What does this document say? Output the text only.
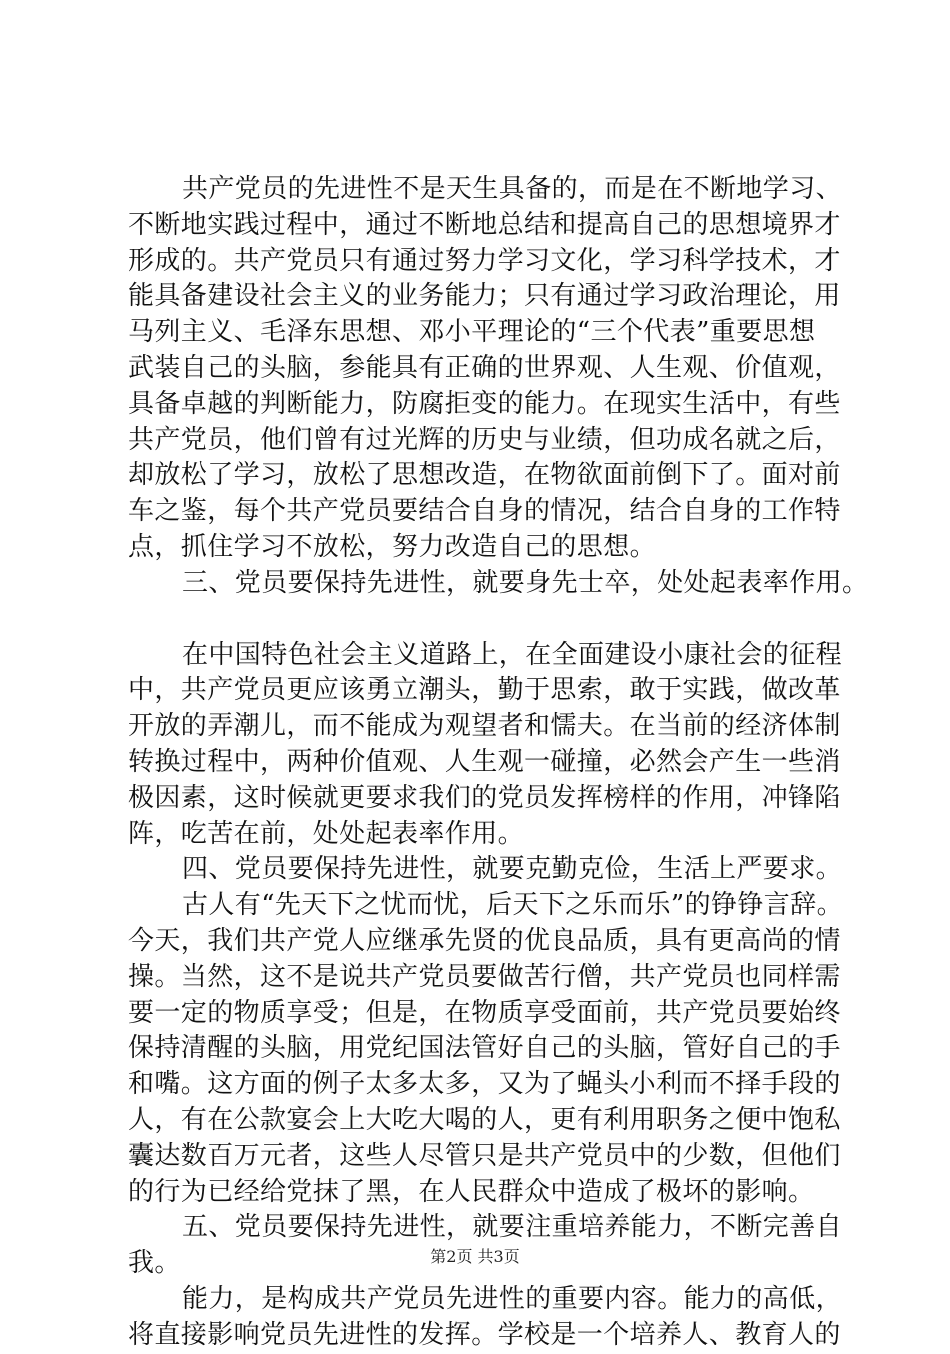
共产党员的先进性不是天生具备的，而是在不断地学习、
不断地实践过程中，通过不断地总结和提高自己的思想境界才
形成的。共产党员只有通过努力学习文化，学习科学技术，才
能具备建设社会主义的业务能力；只有通过学习政治理论，用
马列主义、毛泽东思想、邓小平理论的“三个代表”重要思想
武装自己的头脑，参能具有正确的世界观、人生观、价值观，
具备卓越的判断能力，防腐拒变的能力。在现实生活中，有些
共产党员，他们曾有过光辉的历史与业绩，但功成名就之后，
却放松了学习，放松了思想改造，在物欲面前倒下了。面对前
车之鉴，每个共产党员要结合自身的情况，结合自身的工作特
点，抓住学习不放松，努力改造自己的思想。
三、党员要保持先进性，就要身先士卒，处处起表率作用。
在中国特色社会主义道路上，在全面建设小康社会的征程
中，共产党员更应该勇立潮头，勤于思索，敢于实践，做改革
开放的弄潮儿，而不能成为观望者和懦夫。在当前的经济体制
转换过程中，两种价值观、人生观一碰撞，必然会产生一些消
极因素，这时候就更要求我们的党员发挥榜样的作用，冲锋陷
阵，吃苦在前，处处起表率作用。
四、党员要保持先进性，就要克勤克俭，生活上严要求。
古人有“先天下之忧而忧，后天下之乐而乐”的铮铮言辞。
今天，我们共产党人应继承先贤的优良品质，具有更高尚的情
操。当然，这不是说共产党员要做苦行僧，共产党员也同样需
要一定的物质享受；但是，在物质享受面前，共产党员要始终
保持清醒的头脑，用党纪国法管好自己的头脑，管好自己的手
和嘴。这方面的例子太多太多，又为了蝇头小利而不择手段的
人，有在公款宴会上大吃大喝的人，更有利用职务之便中饱私
囊达数百万元者，这些人尽管只是共产党员中的少数，但他们
的行为已经给党抹了黑，在人民群众中造成了极坏的影响。
五、党员要保持先进性，就要注重培养能力，不断完善自
我。
能力，是构成共产党员先进性的重要内容。能力的高低，
将直接影响党员先进性的发挥。学校是一个培养人、教育人的
第2页 共3页
